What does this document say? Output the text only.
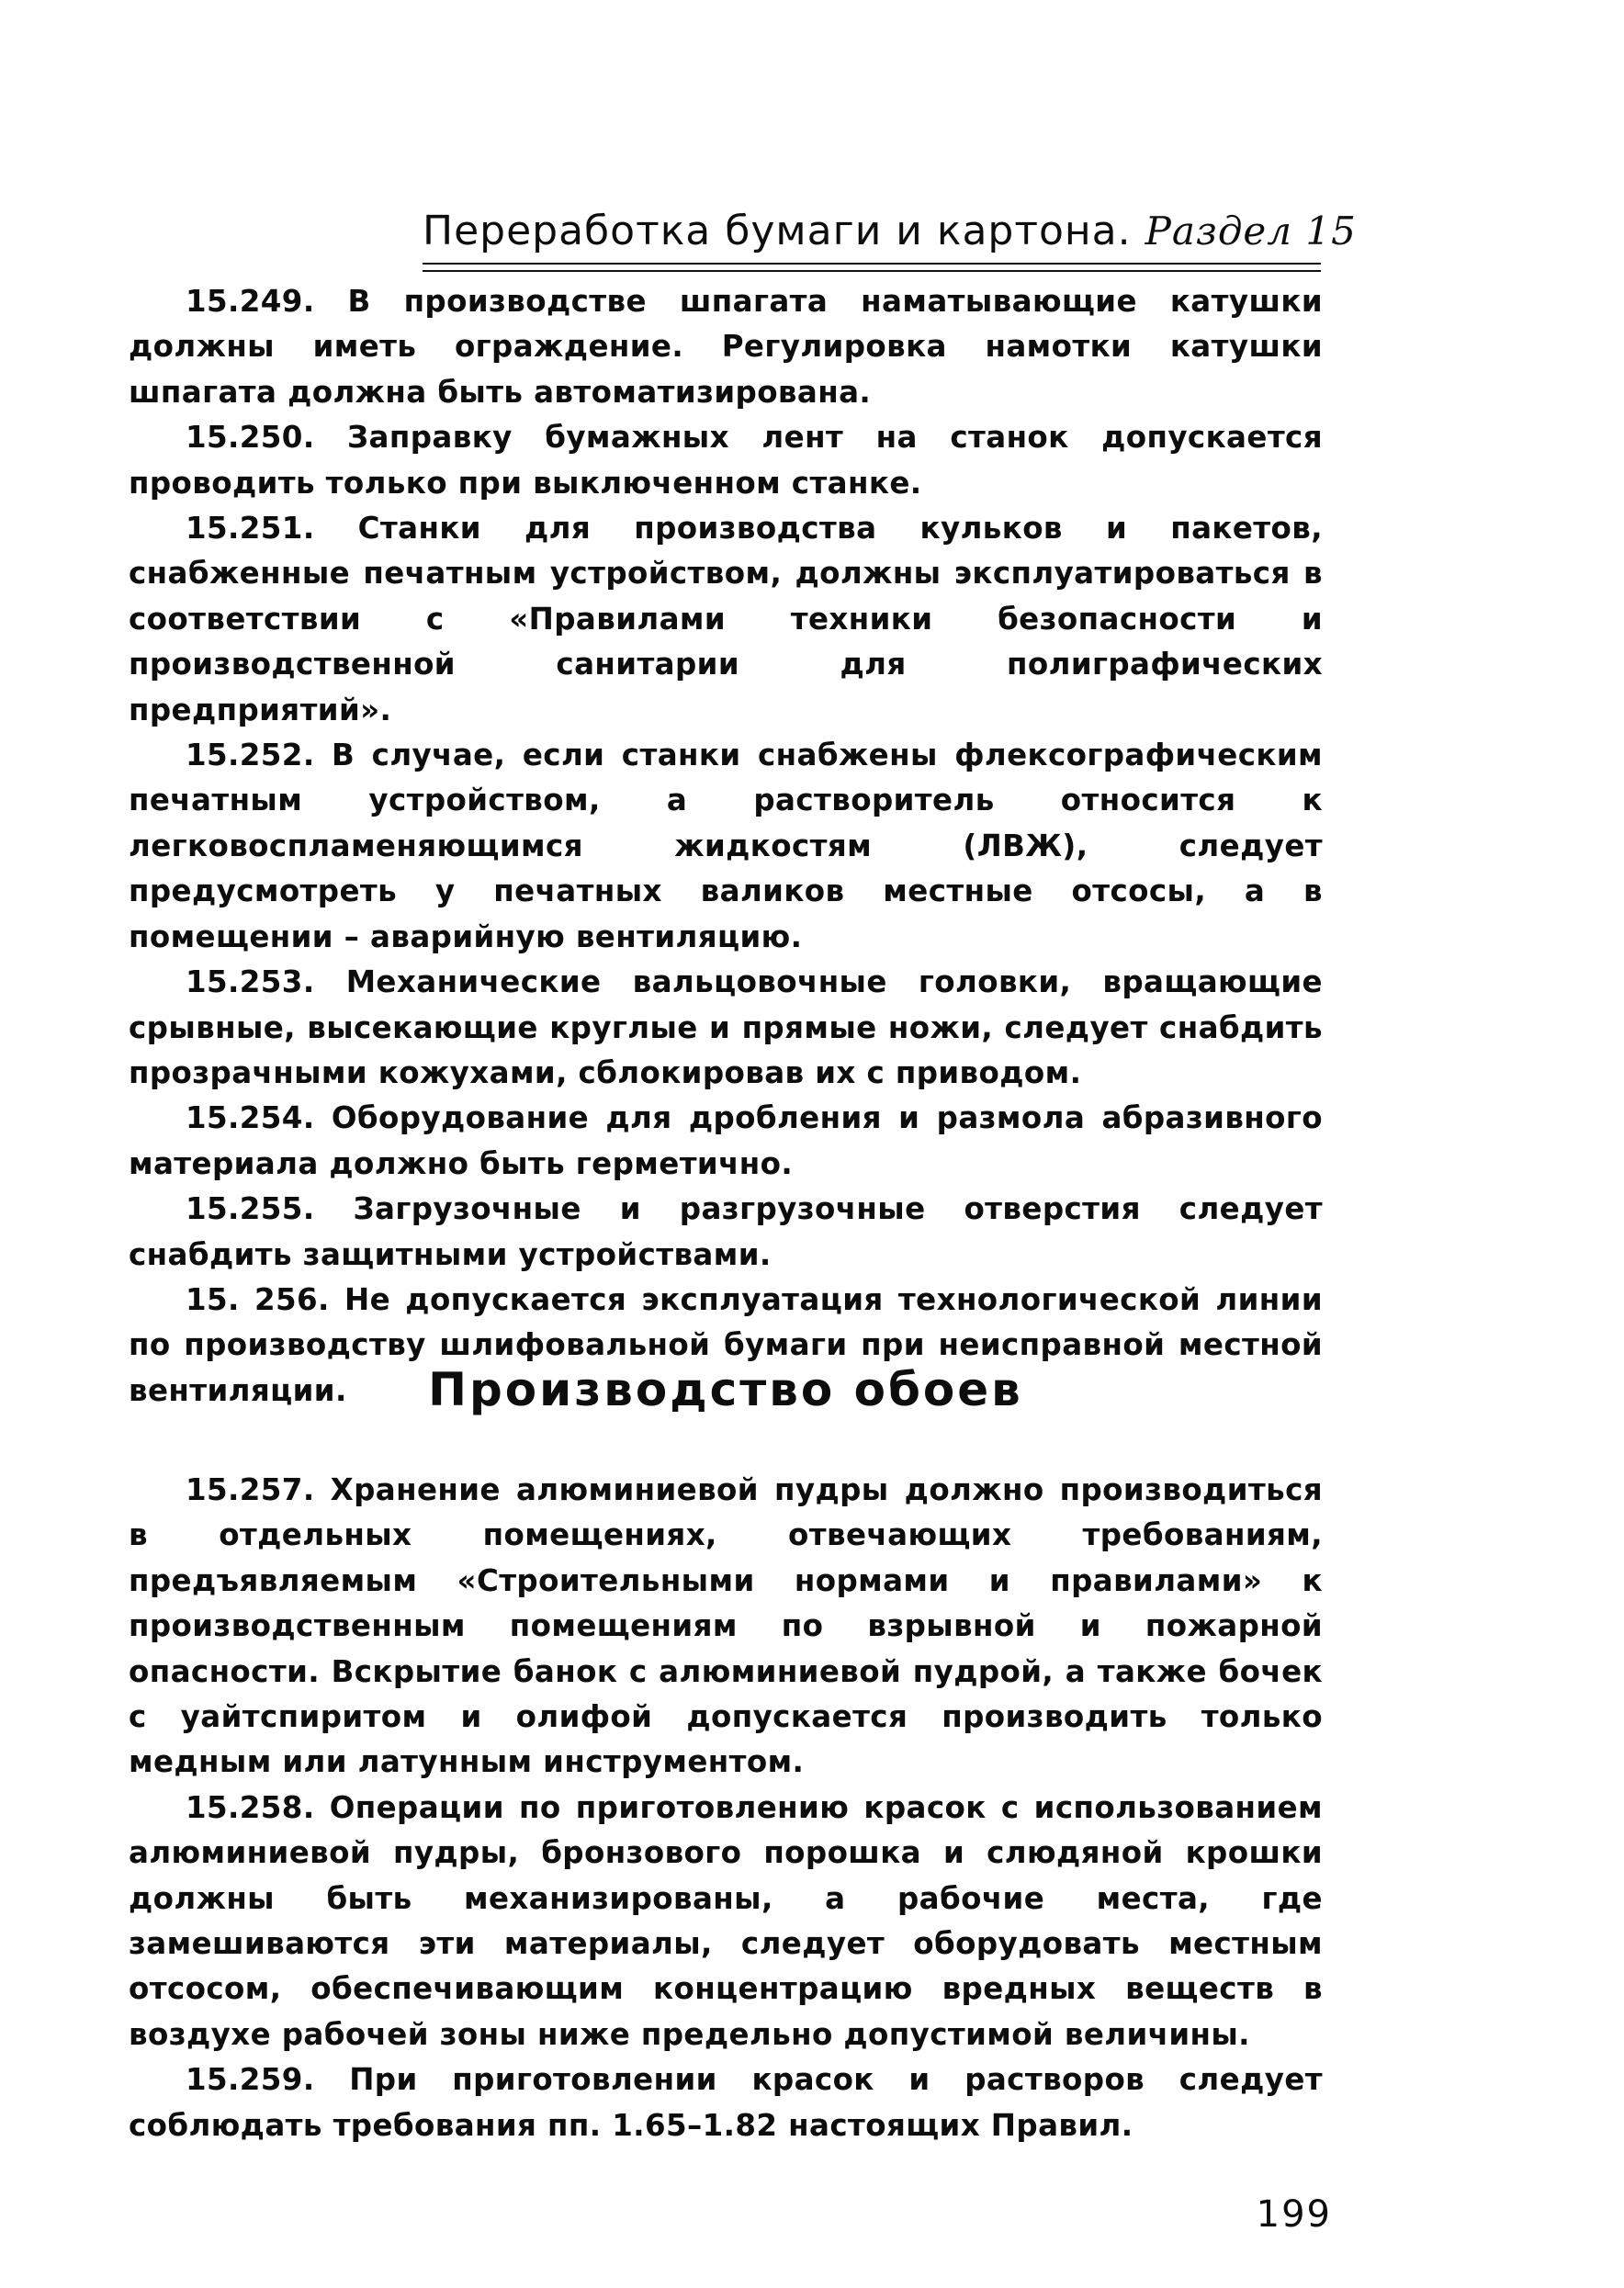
Переработка бумаги и картона. Раздел 15

15.249. В производстве шпагата наматывающие катушки должны иметь ограждение. Регулировка намотки катушки шпагата должна быть автоматизирована.

15.250. Заправку бумажных лент на станок допускается проводить только при выключенном станке.

15.251. Станки для производства кульков и пакетов, снабженные печатным устройством, должны эксплуатироваться в соответствии с «Правилами техники безопасности и производственной санитарии для полиграфических предприятий».

15.252. В случае, если станки снабжены флексографическим печатным устройством, а растворитель относится к легковоспламеняющимся жидкостям (ЛВЖ), следует предусмотреть у печатных валиков местные отсосы, а в помещении – аварийную вентиляцию.

15.253. Механические вальцовочные головки, вращающие срывные, высекающие круглые и прямые ножи, следует снабдить прозрачными кожухами, сблокировав их с приводом.

15.254. Оборудование для дробления и размола абразивного материала должно быть герметично.

15.255. Загрузочные и разгрузочные отверстия следует снабдить защитными устройствами.

15. 256. Не допускается эксплуатация технологической линии по производству шлифовальной бумаги при неисправной местной вентиляции.	Производство обоев

15.257. Хранение алюминиевой пудры должно производиться в отдельных помещениях, отвечающих требованиям, предъявляемым «Строительными нормами и правилами» к производственным помещениям по взрывной и пожарной опасности. Вскрытие банок с алюминиевой пудрой, а также бочек с уайтспиритом и олифой допускается производить только медным или латунным инструментом.

15.258. Операции по приготовлению красок с использованием алюминиевой пудры, бронзового порошка и слюдяной крошки должны быть механизированы, а рабочие места, где замешиваются эти материалы, следует оборудовать местным отсосом, обеспечивающим концентрацию вредных веществ в воздухе рабочей зоны ниже предельно допустимой величины.

15.259. При приготовлении красок и растворов следует соблюдать требования пп. 1.65–1.82 настоящих Правил.

199
